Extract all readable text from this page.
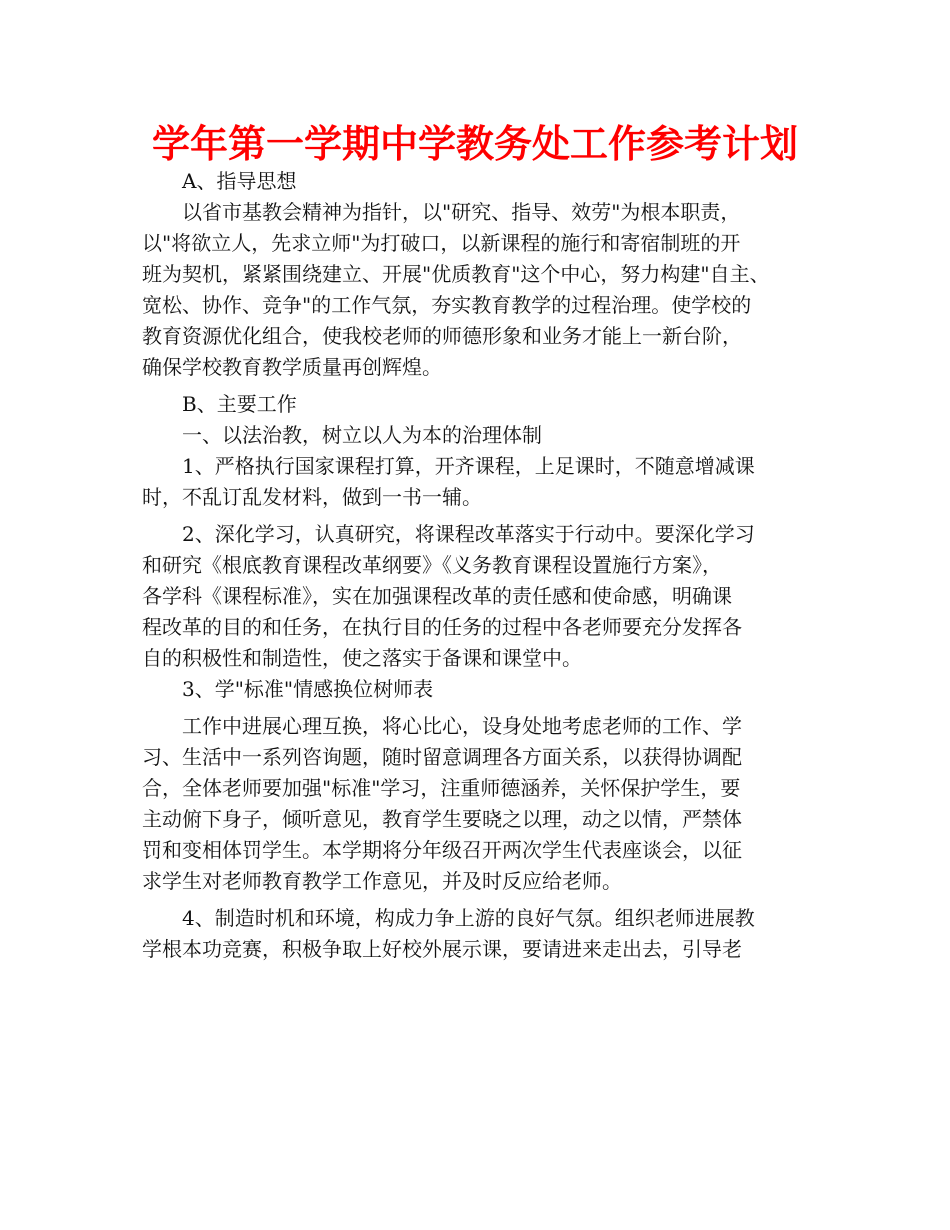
学年第一学期中学教务处工作参考计划
A、指导思想
以省市基教会精神为指针，以"研究、指导、效劳"为根本职责，
以"将欲立人，先求立师"为打破口，以新课程的施行和寄宿制班的开
班为契机，紧紧围绕建立、开展"优质教育"这个中心，努力构建"自主、
宽松、协作、竞争"的工作气氛，夯实教育教学的过程治理。使学校的
教育资源优化组合，使我校老师的师德形象和业务才能上一新台阶，
确保学校教育教学质量再创辉煌。
B、主要工作
一、以法治教，树立以人为本的治理体制
1、严格执行国家课程打算，开齐课程，上足课时，不随意增减课
时，不乱订乱发材料，做到一书一辅。
2、深化学习，认真研究，将课程改革落实于行动中。要深化学习
和研究《根底教育课程改革纲要》《义务教育课程设置施行方案》，
各学科《课程标准》，实在加强课程改革的责任感和使命感，明确课
程改革的目的和任务，在执行目的任务的过程中各老师要充分发挥各
自的积极性和制造性，使之落实于备课和课堂中。
3、学"标准"情感换位树师表
工作中进展心理互换，将心比心，设身处地考虑老师的工作、学
习、生活中一系列咨询题，随时留意调理各方面关系，以获得协调配
合，全体老师要加强"标准"学习，注重师德涵养，关怀保护学生，要
主动俯下身子，倾听意见，教育学生要晓之以理，动之以情，严禁体
罚和变相体罚学生。本学期将分年级召开两次学生代表座谈会，以征
求学生对老师教育教学工作意见，并及时反应给老师。
4、制造时机和环境，构成力争上游的良好气氛。组织老师进展教
学根本功竞赛，积极争取上好校外展示课，要请进来走出去，引导老
